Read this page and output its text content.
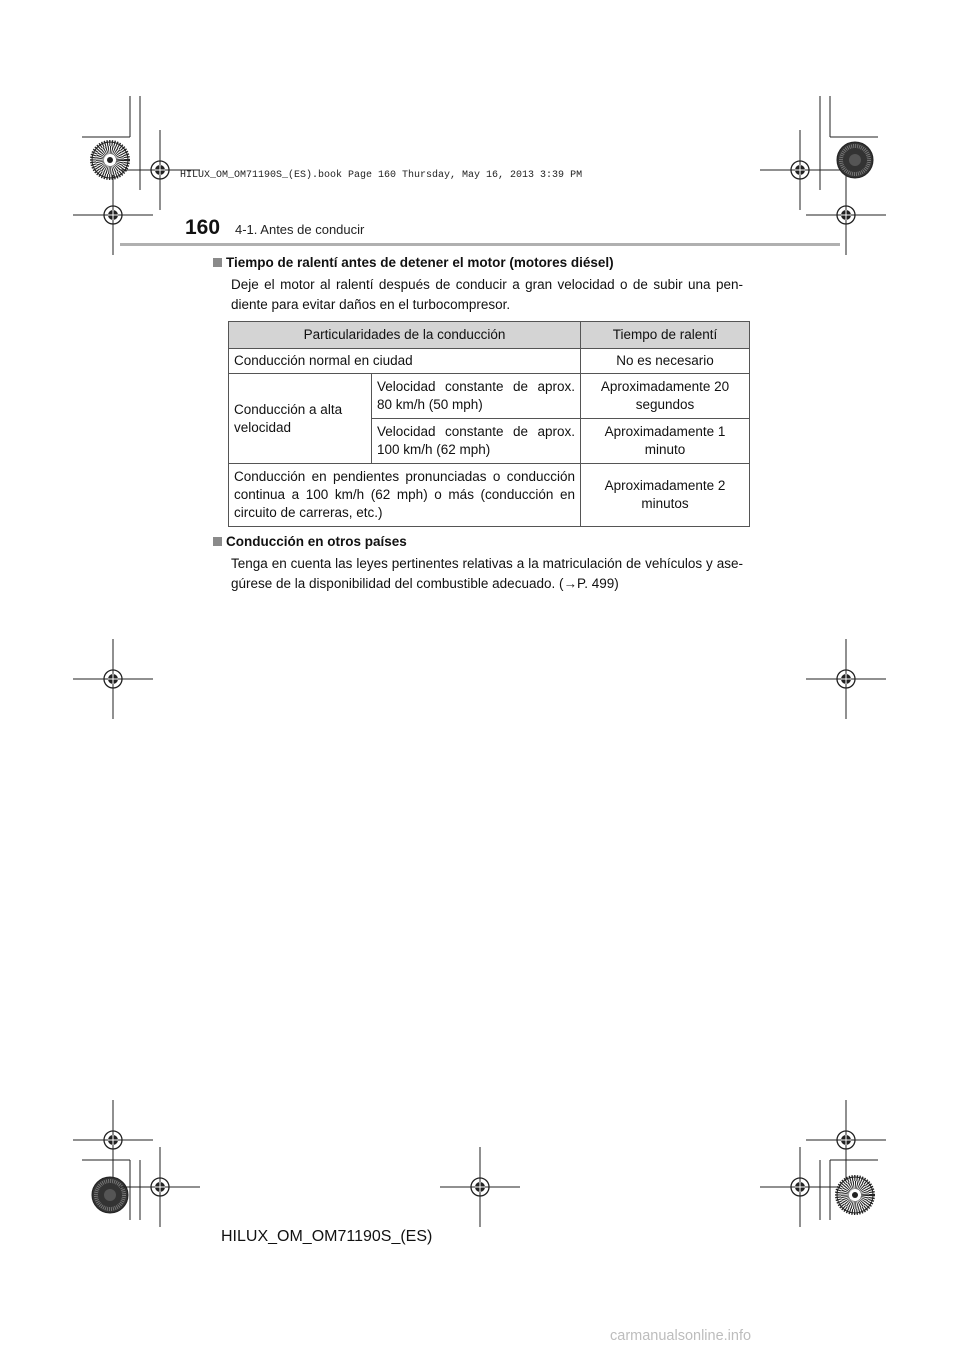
HILUX_OM_OM71190S_(ES).book Page 160 Thursday, May 16, 2013 3:39 PM
160 4-1. Antes de conducir
Tiempo de ralentí antes de detener el motor (motores diésel)
Deje el motor al ralentí después de conducir a gran velocidad o de subir una pen- diente para evitar daños en el turbocompresor.
Particularidades de la conducción		Tiempo de ralentí
Conducción normal en ciudad		No es necesario
Conducción a alta velocidad	Velocidad constante de aprox. 80 km/h (50 mph)	Aproximadamente 20 segundos
	Velocidad constante de aprox. 100 km/h (62 mph)	Aproximadamente 1 minuto
Conducción en pendientes pronunciadas o conducción continua a 100 km/h (62 mph) o más (conducción en circuito de carreras, etc.)		Aproximadamente 2 minutos
Conducción en otros países
Tenga en cuenta las leyes pertinentes relativas a la matriculación de vehículos y ase- gúrese de la disponibilidad del combustible adecuado. (→P. 499)
HILUX_OM_OM71190S_(ES)
carmanualsonline.info
